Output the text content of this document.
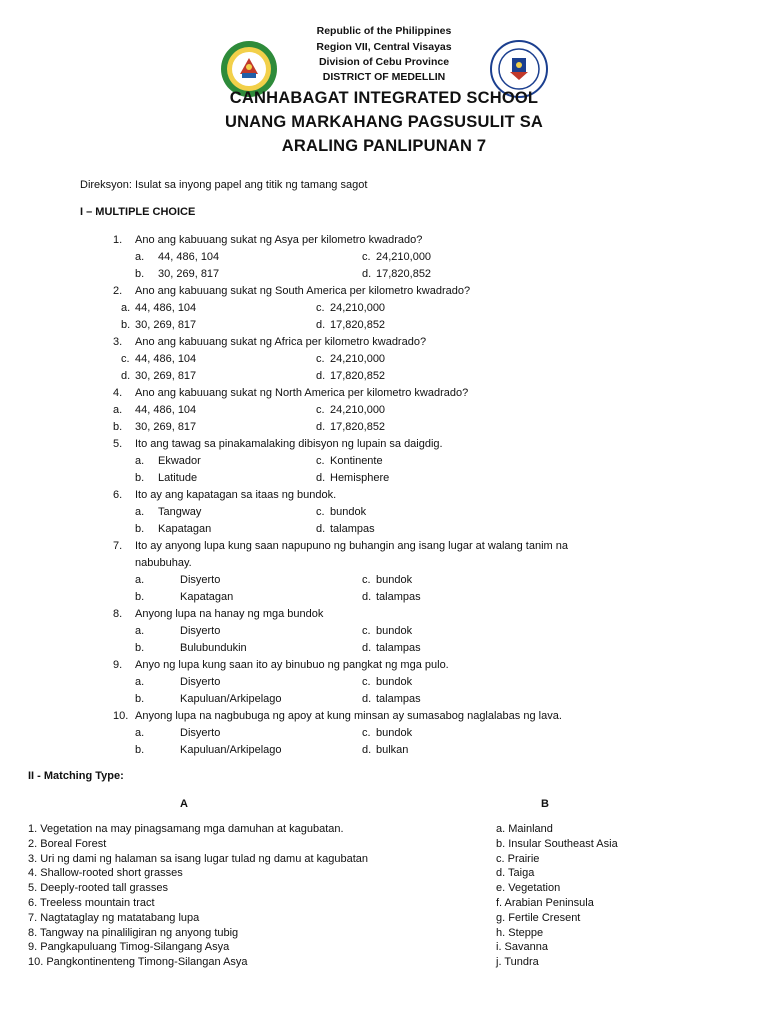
Republic of the Philippines
Region VII, Central Visayas
Division of Cebu Province
DISTRICT OF MEDELLIN
CANHABAGAT INTEGRATED SCHOOL
UNANG MARKAHANG PAGSUSULIT SA
ARALING PANLIPUNAN 7
Direksyon: Isulat sa inyong papel ang titik ng tamang sagot
I – MULTIPLE CHOICE
1.	Ano ang kabuuang sukat ng Asya per kilometro kwadrado?
a. 44, 486, 104	c. 24,210,000
b. 30, 269, 817	d. 17,820,852
2.	Ano ang kabuuang sukat ng South America per kilometro kwadrado?
a. 44, 486, 104	c. 24,210,000
b. 30, 269, 817	d. 17,820,852
3.	Ano ang kabuuang sukat ng Africa per kilometro kwadrado?
c. 44, 486, 104	c. 24,210,000
d. 30, 269, 817	d. 17,820,852
4.	Ano ang kabuuang sukat ng North America per kilometro kwadrado?
a. 44, 486, 104	c. 24,210,000
b. 30, 269, 817	d. 17,820,852
5.	Ito ang tawag sa pinakamalaking dibisyon ng lupain sa daigdig.
a. Ekwador	c. Kontinente
b. Latitude	d. Hemisphere
6.	Ito ay ang kapatagan sa itaas ng bundok.
a. Tangway	c. bundok
b. Kapatagan	d. talampas
7.	Ito ay anyong lupa kung saan napupuno ng buhangin ang isang lugar at walang tanim na
nabubuhay.
a.	Disyerto	c. bundok
b.	Kapatagan	d. talampas
8.	Anyong lupa na hanay ng mga bundok
a.	Disyerto	c. bundok
b.	Bulubundukin	d. talampas
9.	Anyo ng lupa kung saan ito ay binubuo ng pangkat ng mga pulo.
a.	Disyerto	c. bundok
b.	Kapuluan/Arkipelago	d. talampas
10. Anyong lupa na nagbubuga ng apoy at kung minsan ay sumasabog naglalabas ng lava.
a.	Disyerto	c. bundok
b.	Kapuluan/Arkipelago	d. bulkan
II - Matching Type:
A	B
1. Vegetation na may pinagsamang mga damuhan at kagubatan.
2. Boreal Forest
3. Uri ng dami ng halaman sa isang lugar tulad ng damu at kagubatan
4. Shallow-rooted short grasses
5. Deeply-rooted tall grasses
6. Treeless mountain tract
7. Nagtataglay ng matatabang lupa
8. Tangway na pinaliligiran ng anyong tubig
9. Pangkapuluang Timog-Silangang Asya
10. Pangkontinenteng Timong-Silangan Asya
a. Mainland
b. Insular Southeast Asia
c. Prairie
d. Taiga
e. Vegetation
f. Arabian Peninsula
g. Fertile Cresent
h. Steppe
i. Savanna
j. Tundra
